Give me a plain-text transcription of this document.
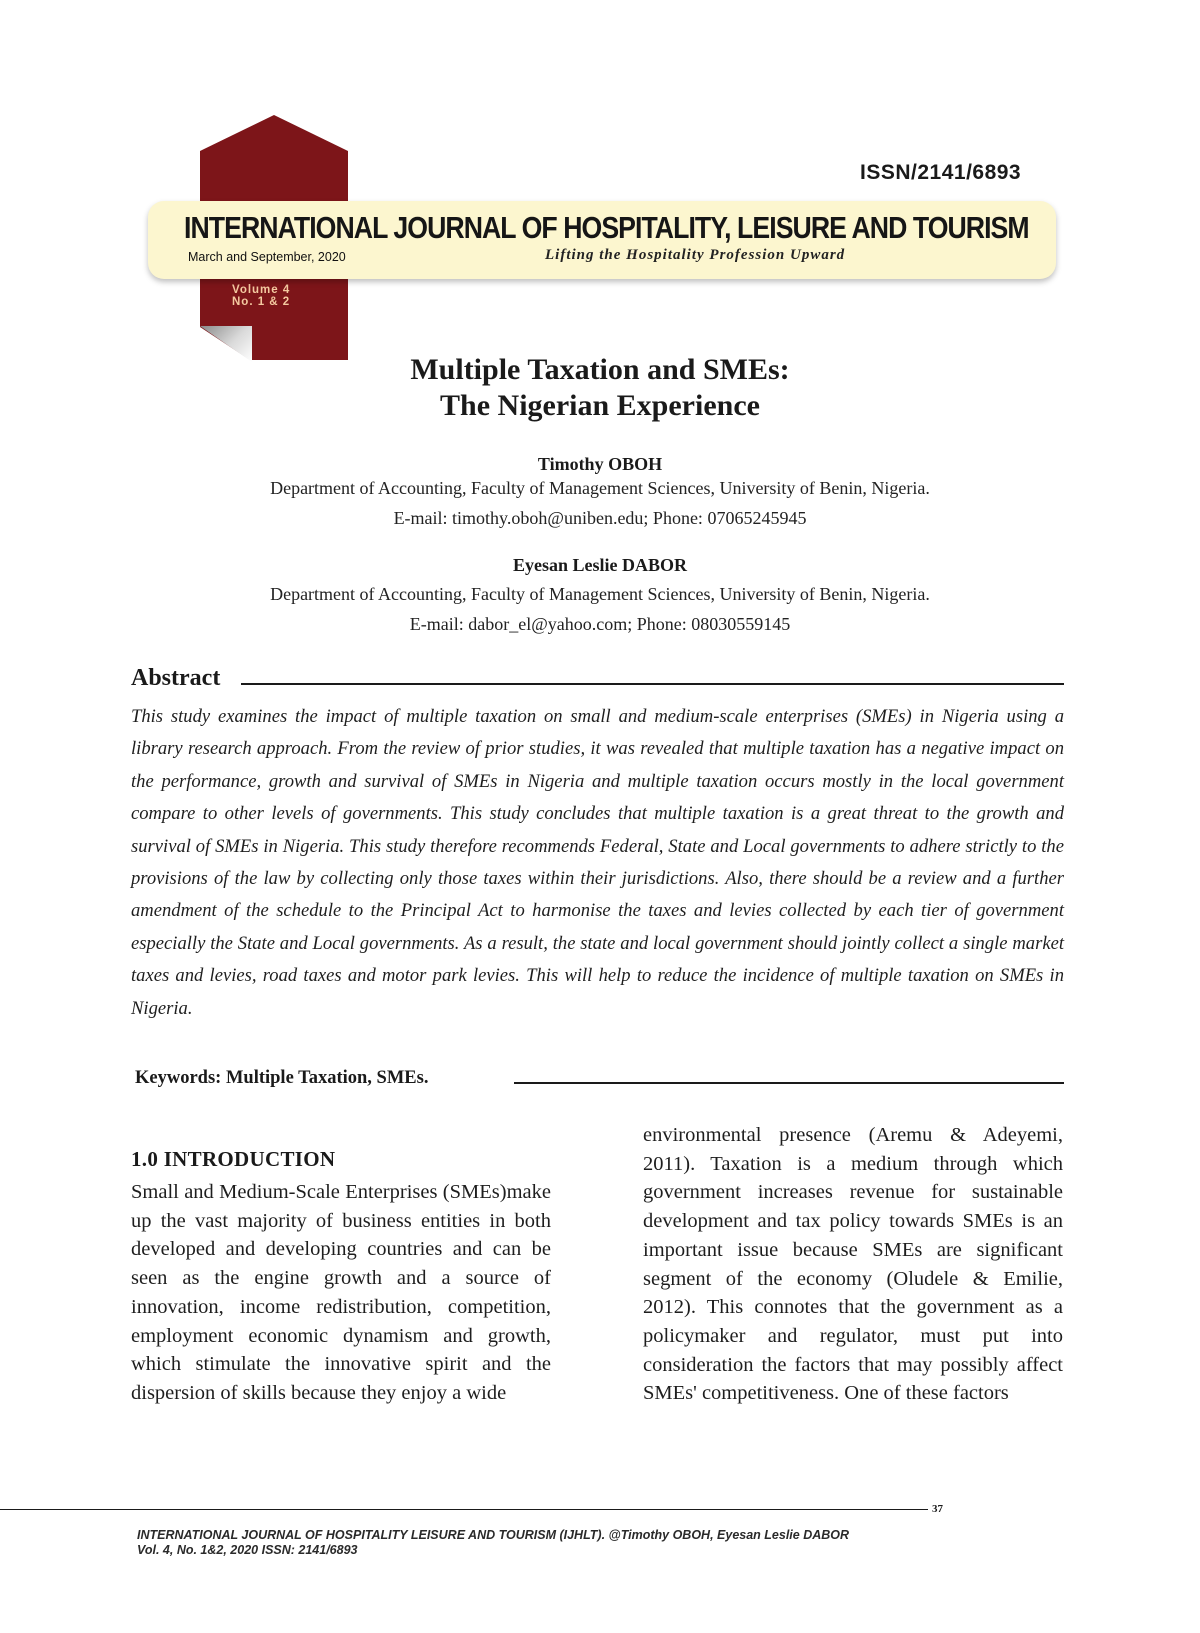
Volume 4
No. 1 & 2
ISSN/2141/6893
INTERNATIONAL JOURNAL OF HOSPITALITY, LEISURE AND TOURISM
March and September, 2020	Lifting the Hospitality Profession Upward
Multiple Taxation and SMEs:
The Nigerian Experience
Timothy OBOH
Department of Accounting, Faculty of Management Sciences, University of Benin, Nigeria.
E-mail: timothy.oboh@uniben.edu; Phone: 07065245945
Eyesan Leslie DABOR
Department of Accounting, Faculty of Management Sciences, University of Benin, Nigeria.
E-mail: dabor_el@yahoo.com; Phone: 08030559145
Abstract
This study examines the impact of multiple taxation on small and medium-scale enterprises (SMEs) in Nigeria using a library research approach. From the review of prior studies, it was revealed that multiple taxation has a negative impact on the performance, growth and survival of SMEs in Nigeria and multiple taxation occurs mostly in the local government compare to other levels of governments. This study concludes that multiple taxation is a great threat to the growth and survival of SMEs in Nigeria. This study therefore recommends Federal, State and Local governments to adhere strictly to the provisions of the law by collecting only those taxes within their jurisdictions. Also, there should be a review and a further amendment of the schedule to the Principal Act to harmonise the taxes and levies collected by each tier of government especially the State and Local governments. As a result, the state and local government should jointly collect a single market taxes and levies, road taxes and motor park levies. This will help to reduce the incidence of multiple taxation on SMEs in Nigeria.
Keywords: Multiple Taxation, SMEs.
1.0 INTRODUCTION
Small and Medium-Scale Enterprises (SMEs)make up the vast majority of business entities in both developed and developing countries and can be seen as the engine growth and a source of innovation, income redistribution, competition, employment economic dynamism and growth, which stimulate the innovative spirit and the dispersion of skills because they enjoy a wide
environmental presence (Aremu & Adeyemi, 2011). Taxation is a medium through which government increases revenue for sustainable development and tax policy towards SMEs is an important issue because SMEs are significant segment of the economy (Oludele & Emilie, 2012). This connotes that the government as a policymaker and regulator, must put into consideration the factors that may possibly affect SMEs' competitiveness. One of these factors
37
INTERNATIONAL JOURNAL OF HOSPITALITY LEISURE AND TOURISM (IJHLT). @Timothy OBOH, Eyesan Leslie DABOR
Vol. 4, No. 1&2, 2020 ISSN: 2141/6893
